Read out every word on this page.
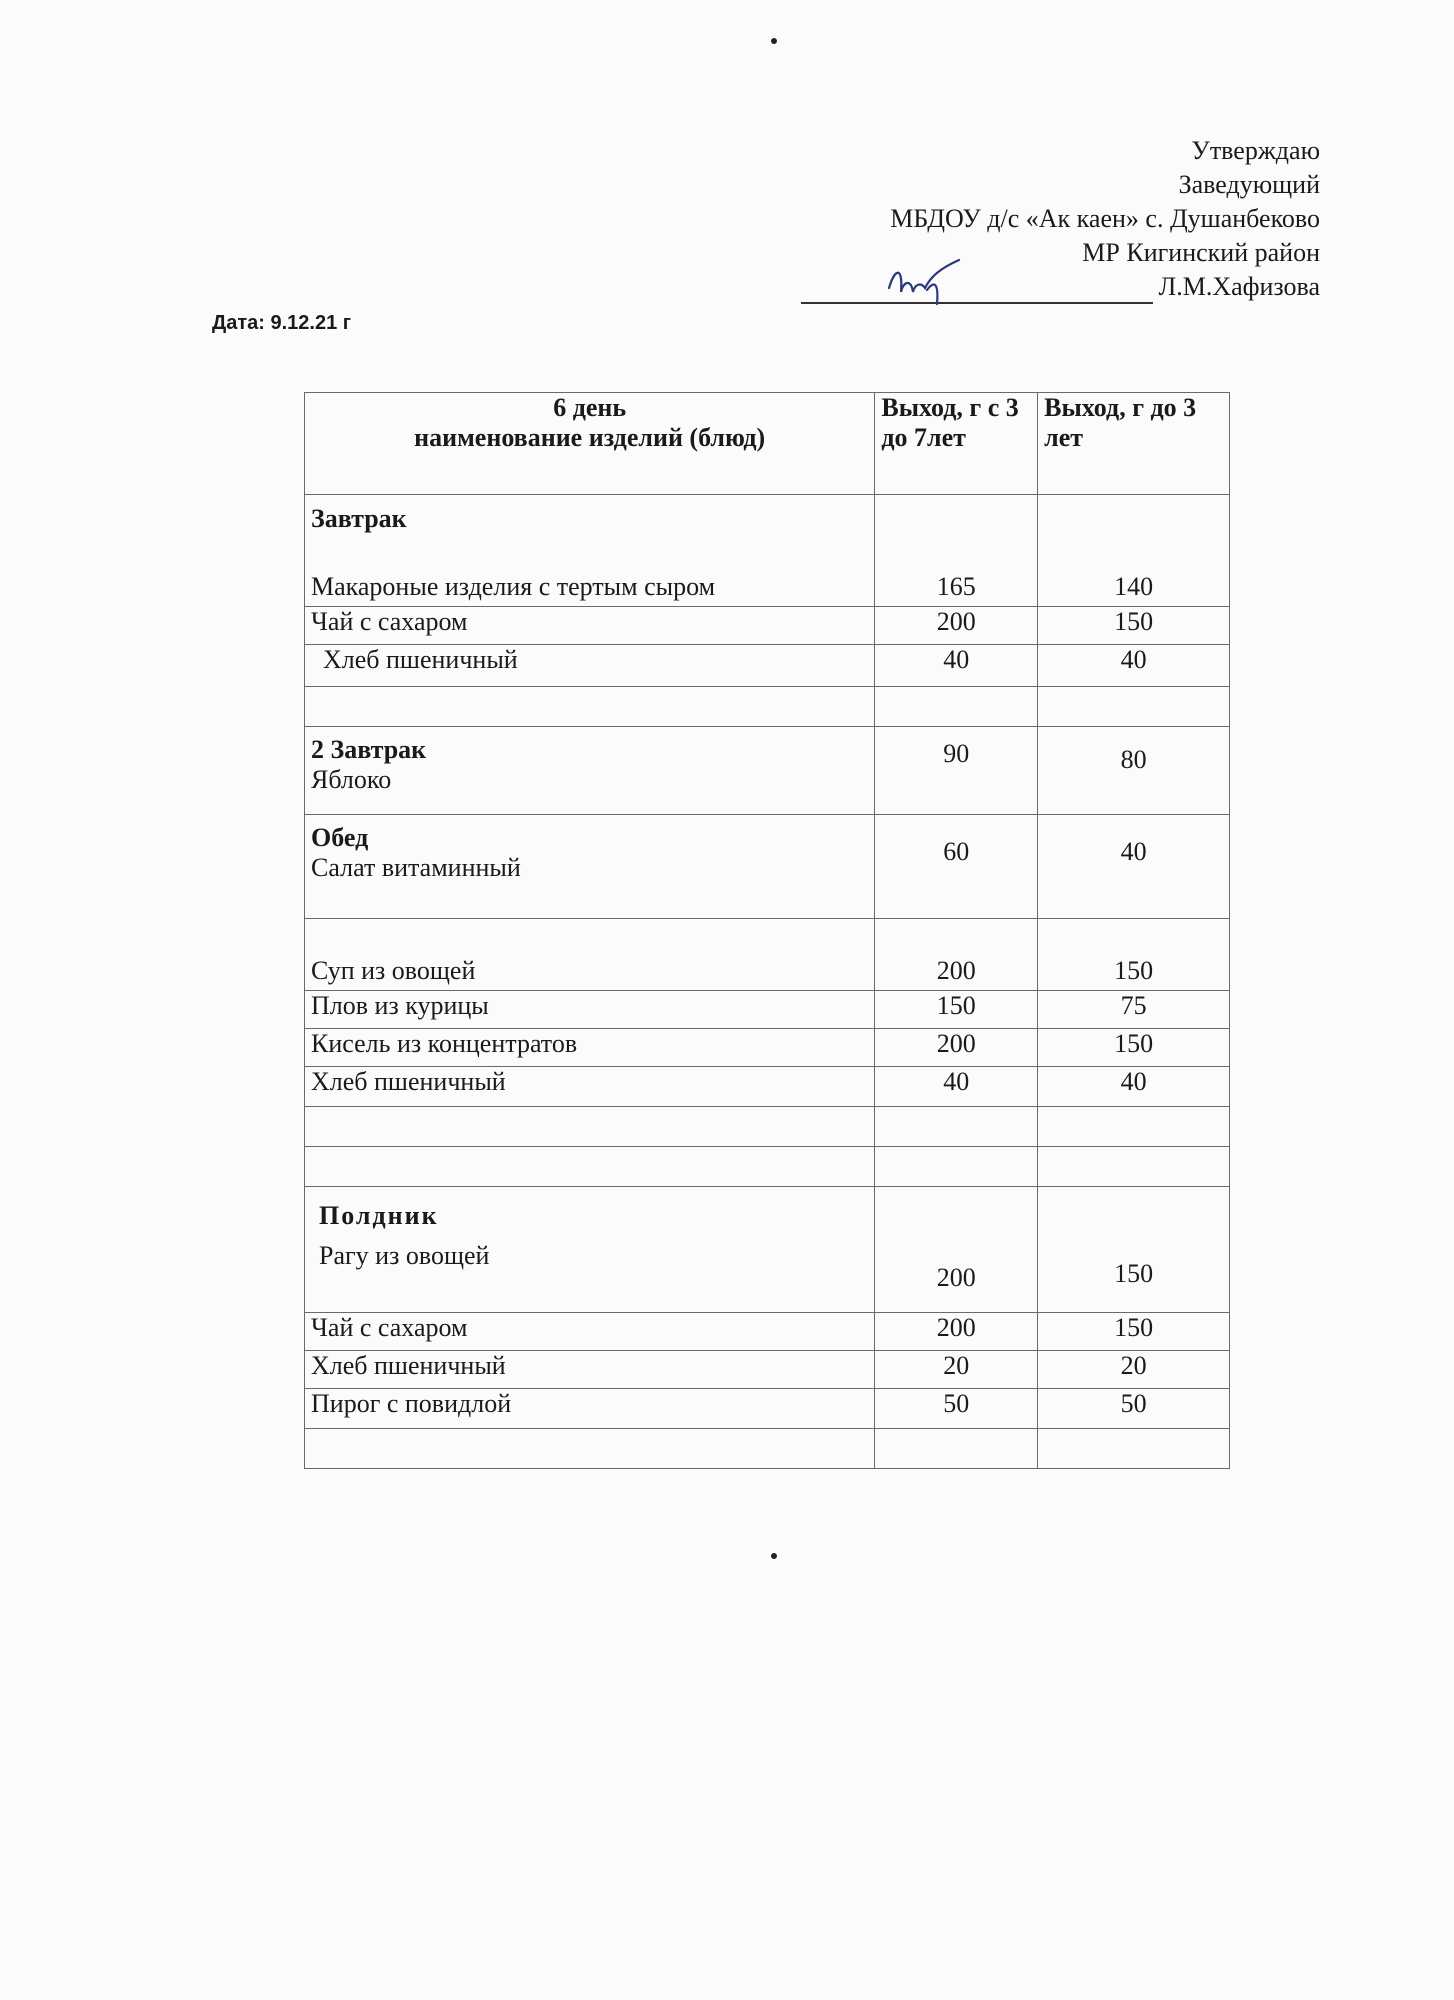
Утверждаю
Заведующий
МБДОУ д/с «Ак каен» с. Душанбеково
МР Кигинский район
Л.М.Хафизова
Дата: 9.12.21 г
6 день
наименование изделий (блюд)	Выход, г с 3 до 7лет	Выход, г до 3 лет

Завтрак
Макароные изделия с тертым сыром	165	140
Чай с сахаром	200	150
Хлеб пшеничный	40	40

2 Завтрак
Яблоко	90	80

Обед
Салат витаминный	60	40
Суп из овощей	200	150
Плов из курицы	150	75
Кисель из концентратов	200	150
Хлеб пшеничный	40	40

Полдник
Рагу из овощей	200	150
Чай с сахаром	200	150
Хлеб пшеничный	20	20
Пирог с повидлой	50	50
